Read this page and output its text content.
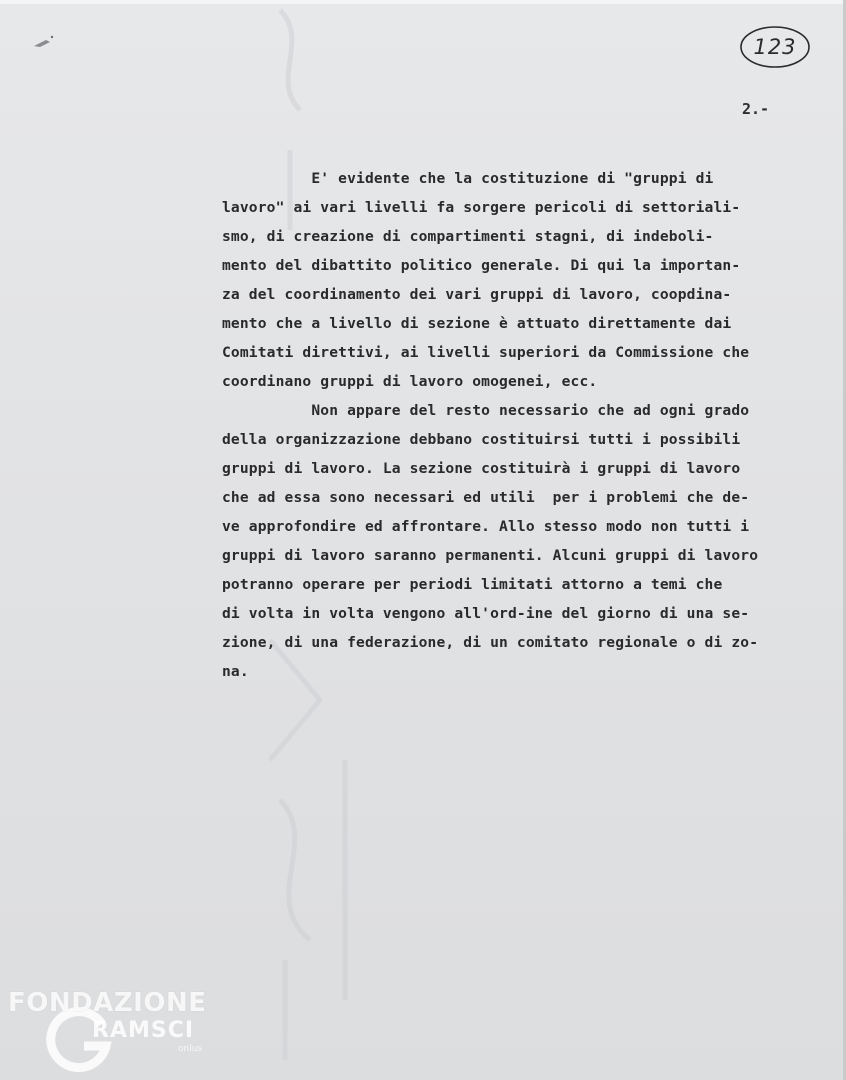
123
2.-
E' evidente che la costituzione di "gruppi di
lavoro" ai vari livelli fa sorgere pericoli di settoriali-
smo, di creazione di compartimenti stagni, di indeboli-
mento del dibattito politico generale. Di qui la importan-
za del coordinamento dei vari gruppi di lavoro, coopdina-
mento che a livello di sezione è attuato direttamente dai
Comitati direttivi, ai livelli superiori da Commissione che
coordinano gruppi di lavoro omogenei, ecc.
Non appare del resto necessario che ad ogni grado
della organizzazione debbano costituirsi tutti i possibili
gruppi di lavoro. La sezione costituirà i gruppi di lavoro
che ad essa sono necessari ed utili  per i problemi che de-
ve approfondire ed affrontare. Allo stesso modo non tutti i
gruppi di lavoro saranno permanenti. Alcuni gruppi di lavoro
potranno operare per periodi limitati attorno a temi che
di volta in volta vengono all'ord-ine del giorno di una se-
zione, di una federazione, di un comitato regionale o di zo-
na.
FONDAZIONE
RAMSCI
onlus
